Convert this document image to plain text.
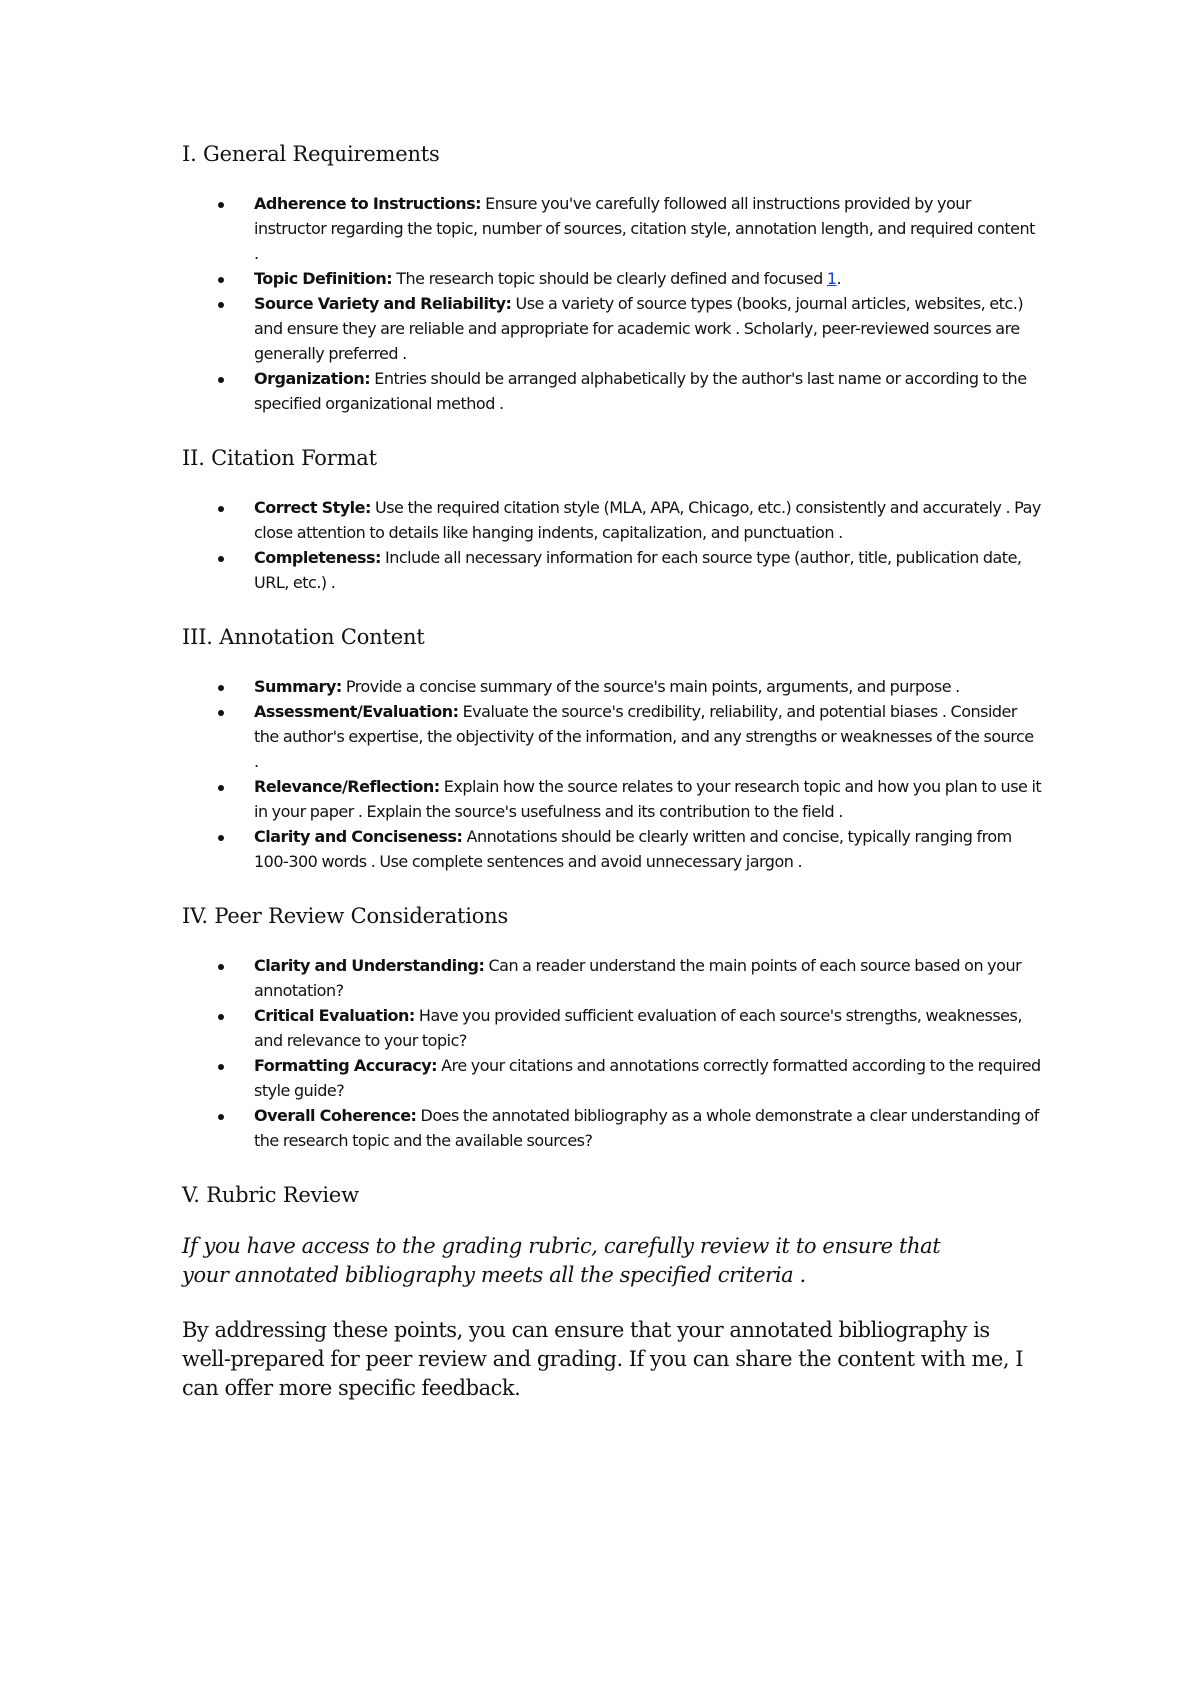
I. General Requirements
Adherence to Instructions: Ensure you've carefully followed all instructions provided by your instructor regarding the topic, number of sources, citation style, annotation length, and required content .
Topic Definition: The research topic should be clearly defined and focused 1.
Source Variety and Reliability: Use a variety of source types (books, journal articles, websites, etc.) and ensure they are reliable and appropriate for academic work . Scholarly, peer-reviewed sources are generally preferred .
Organization: Entries should be arranged alphabetically by the author's last name or according to the specified organizational method .
II. Citation Format
Correct Style: Use the required citation style (MLA, APA, Chicago, etc.) consistently and accurately . Pay close attention to details like hanging indents, capitalization, and punctuation .
Completeness: Include all necessary information for each source type (author, title, publication date, URL, etc.) .
III. Annotation Content
Summary: Provide a concise summary of the source's main points, arguments, and purpose .
Assessment/Evaluation: Evaluate the source's credibility, reliability, and potential biases . Consider the author's expertise, the objectivity of the information, and any strengths or weaknesses of the source .
Relevance/Reflection: Explain how the source relates to your research topic and how you plan to use it in your paper . Explain the source's usefulness and its contribution to the field .
Clarity and Conciseness: Annotations should be clearly written and concise, typically ranging from 100-300 words . Use complete sentences and avoid unnecessary jargon .
IV. Peer Review Considerations
Clarity and Understanding: Can a reader understand the main points of each source based on your annotation?
Critical Evaluation: Have you provided sufficient evaluation of each source's strengths, weaknesses, and relevance to your topic?
Formatting Accuracy: Are your citations and annotations correctly formatted according to the required style guide?
Overall Coherence: Does the annotated bibliography as a whole demonstrate a clear understanding of the research topic and the available sources?
V. Rubric Review

If you have access to the grading rubric, carefully review it to ensure that your annotated bibliography meets all the specified criteria .

By addressing these points, you can ensure that your annotated bibliography is well-prepared for peer review and grading. If you can share the content with me, I can offer more specific feedback.
